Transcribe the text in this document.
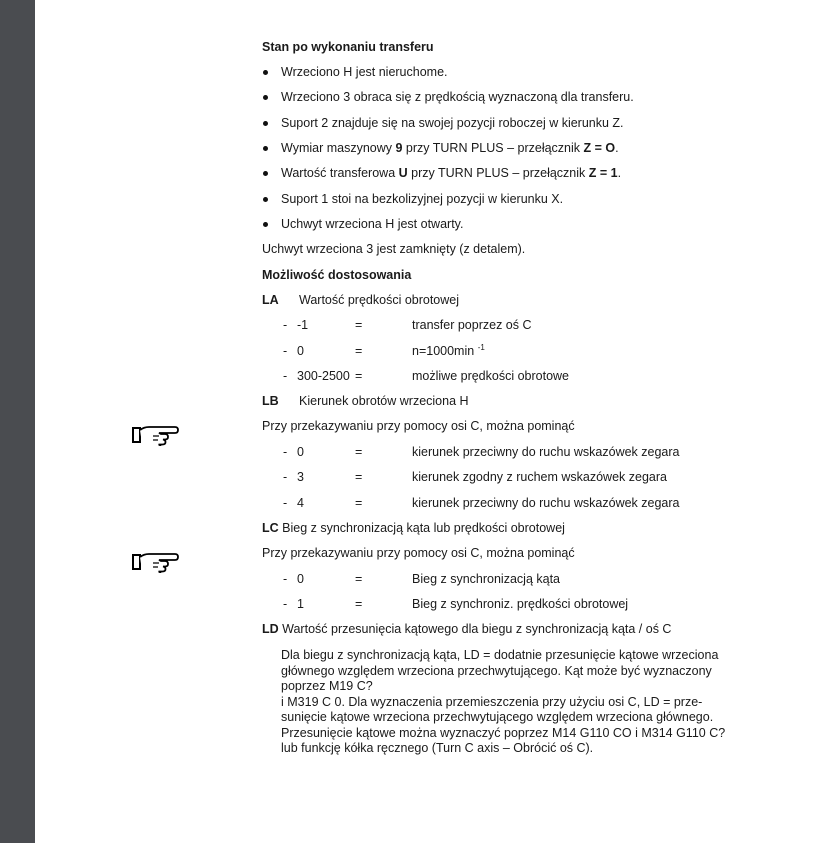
Stan po wykonaniu transferu
Wrzeciono H jest nieruchome.
Wrzeciono 3 obraca się z prędkością wyznaczoną dla transferu.
Suport 2 znajduje się na swojej pozycji roboczej w kierunku Z.
Wymiar maszynowy 9 przy TURN PLUS – przełącznik Z = O.
Wartość transferowa U przy TURN PLUS – przełącznik Z = 1.
Suport 1 stoi na bezkolizyjnej pozycji w kierunku X.
Uchwyt wrzeciona H jest otwarty.
Uchwyt wrzeciona 3 jest zamknięty (z detalem).
Możliwość dostosowania
LA Wartość prędkości obrotowej
- -1	=	transfer poprzez oś C
- 0	=	n=1000min $^{-1}$
- 300-2500 =	możliwe prędkości obrotowe
LB Kierunek obrotów wrzeciona H
Przy przekazywaniu przy pomocy osi C, można pominąć
- 0	=	kierunek przeciwny do ruchu wskazówek zegara
- 3	=	kierunek zgodny z ruchem wskazówek zegara
- 4	=	kierunek przeciwny do ruchu wskazówek zegara
LC Bieg z synchronizacją kąta lub prędkości obrotowej
Przy przekazywaniu przy pomocy osi C, można pominąć
- 0	=	Bieg z synchronizacją kąta
- 1	=	Bieg z synchroniz. prędkości obrotowej
LD Wartość przesunięcia kątowego dla biegu z synchronizacją kąta / oś C
Dla biegu z synchronizacją kąta, LD = dodatnie przesunięcie kątowe wrzeciona
głównego względem wrzeciona przechwytującego. Kąt może być wyznaczony
poprzez M19 C?
i M319 C 0. Dla wyznaczenia przemieszczenia przy użyciu osi C, LD = prze-
sunięcie kątowe wrzeciona przechwytującego względem wrzeciona głównego.
Przesunięcie kątowe można wyznaczyć poprzez M14 G110 CO i M314 G110 C?
lub funkcję kółka ręcznego (Turn C axis – Obrócić oś C).
